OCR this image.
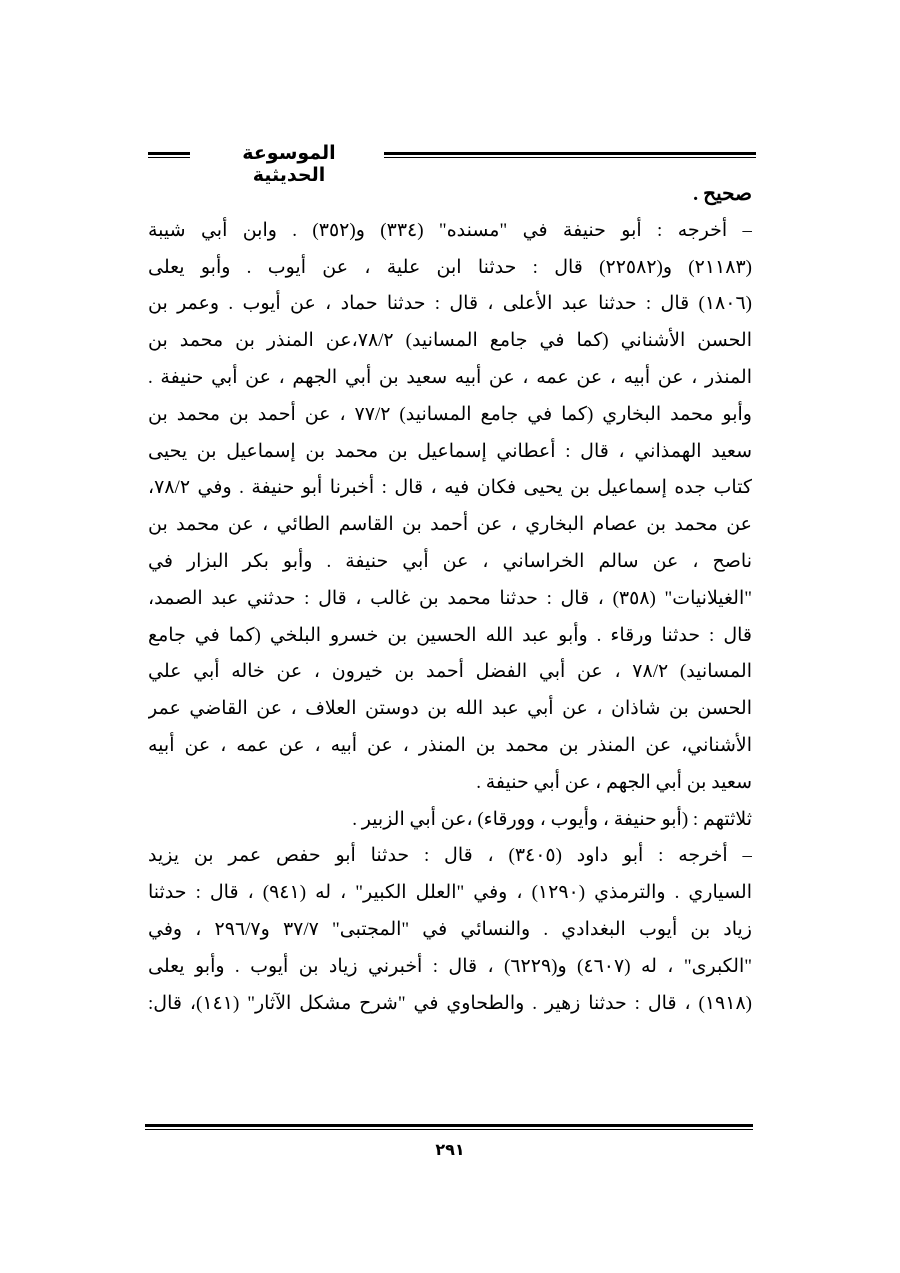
الموسوعة الحديثية
صحيح .
– أخرجه : أبو حنيفة في "مسنده" (٣٣٤) و(٣٥٢) . وابن أبي شيبة
(٢١١٨٣) و(٢٢٥٨٢) قال : حدثنا ابن علية ، عن أيوب . وأبو يعلى
(١٨٠٦) قال : حدثنا عبد الأعلى ، قال : حدثنا حماد ، عن أيوب . وعمر بن
الحسن الأشناني (كما في جامع المسانيد) ٧٨/٢،عن المنذر بن محمد بن
المنذر ، عن أبيه ، عن عمه ، عن أبيه سعيد بن أبي الجهم ، عن أبي حنيفة .
وأبو محمد البخاري (كما في جامع المسانيد) ٧٧/٢ ، عن أحمد بن محمد بن
سعيد الهمذاني ، قال : أعطاني إسماعيل بن محمد بن إسماعيل بن يحيى
كتاب جده إسماعيل بن يحيى فكان فيه ، قال : أخبرنا أبو حنيفة . وفي ٧٨/٢،
عن محمد بن عصام البخاري ، عن أحمد بن القاسم الطائي ، عن محمد بن
ناصح ، عن سالم الخراساني ، عن أبي حنيفة . وأبو بكر البزار في
"الغيلانيات" (٣٥٨) ، قال : حدثنا محمد بن غالب ، قال : حدثني عبد الصمد،
قال : حدثنا ورقاء . وأبو عبد الله الحسين بن خسرو البلخي (كما في جامع
المسانيد) ٧٨/٢ ، عن أبي الفضل أحمد بن خيرون ، عن خاله أبي علي
الحسن بن شاذان ، عن أبي عبد الله بن دوستن العلاف ، عن القاضي عمر
الأشناني، عن المنذر بن محمد بن المنذر ، عن أبيه ، عن عمه ، عن أبيه
سعيد بن أبي الجهم ، عن أبي حنيفة .
ثلاثتهم : (أبو حنيفة ، وأيوب ، وورقاء) ،عن أبي الزبير .
– أخرجه : أبو داود (٣٤٠٥) ، قال : حدثنا أبو حفص عمر بن يزيد
السياري . والترمذي (١٢٩٠) ، وفي "العلل الكبير" ، له (٩٤١) ، قال : حدثنا
زياد بن أيوب البغدادي . والنسائي في "المجتبى" ٣٧/٧ و٢٩٦/٧ ، وفي
"الكبرى" ، له (٤٦٠٧) و(٦٢٢٩) ، قال : أخبرني زياد بن أيوب . وأبو يعلى
(١٩١٨) ، قال : حدثنا زهير . والطحاوي في "شرح مشكل الآثار" (١٤١)، قال:
٢٩١
